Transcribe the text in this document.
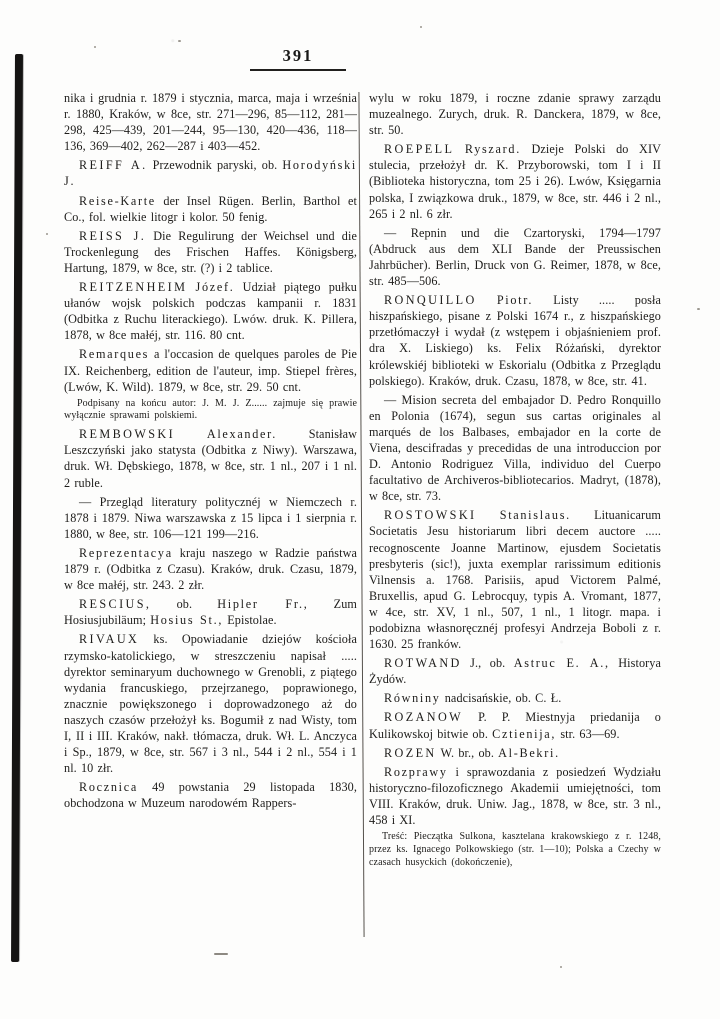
391

nika i grudnia r. 1879 i stycznia, marca, maja i września r. 1880, Kraków, w 8ce, str. 271—296, 85—112, 281—298, 425—439, 201—244, 95—130, 420—436, 118—136, 369—402, 262—287 i 403—452.

REIFF A. Przewodnik paryski, ob. Horodyński J.

Reise-Karte der Insel Rügen. Berlin, Barthol et Co., fol. wielkie litogr i kolor. 50 fenig.

REISS J. Die Regulirung der Weichsel und die Trockenlegung des Frischen Haffes. Königsberg, Hartung, 1879, w 8ce, str. (?) i 2 tablice.

REITZENHEIM Józef. Udział piątego pułku ułanów wojsk polskich podczas kampanii r. 1831 (Odbitka z Ruchu literackiego). Lwów. druk. K. Pillera, 1878, w 8ce małéj, str. 116. 80 cnt.

Remarques a l'occasion de quelques paroles de Pie IX. Reichenberg, edition de l'auteur, imp. Stiepel frères, (Lwów, K. Wild). 1879, w 8ce, str. 29. 50 cnt.

Podpisany na końcu autor: J. M. J. Z...... zajmuje się prawie wyłącznie sprawami polskiemi.

REMBOWSKI	Alexander. Stanisław Leszczyński jako statysta (Odbitka z Niwy). Warszawa, druk. Wł. Dębskiego, 1878, w 8ce, str. 1 nl., 207 i 1 nl. 2 ruble.

— Przegląd literatury politycznéj w Niemczech r. 1878 i 1879. Niwa warszawska z 15 lipca i 1 sierpnia r. 1880, w 8ee, str. 106—121 199—216.

Reprezentacya kraju naszego w Radzie państwa 1879 r. (Odbitka z Czasu). Kraków, druk. Czasu, 1879, w 8ce małéj, str. 243. 2 złr.

RESCIUS, ob. Hipler Fr., Zum Hosiusjubiläum; Hosius St., Epistolae.

RIVAUX ks. Opowiadanie dziejów kościoła rzymsko-katolickiego, w streszczeniu napisał ..... dyrektor seminaryum duchownego w Grenobli, z piątego wydania francuskiego, przejrzanego, poprawionego, znacznie powiększonego i doprowadzonego aż do naszych czasów przełożył ks. Bogumił z nad Wisty, tom I, II i III. Kraków, nakł. tłómacza, druk. Wł. L. Anczyca i Sp., 1879, w 8ce, str. 567 i 3 nl., 544 i 2 nl., 554 i 1 nl. 10 złr.

Rocznica 49 powstania 29 listopada 1830, obchodzona w Muzeum narodowém Rappers-

wylu w roku 1879, i roczne zdanie sprawy zarządu muzealnego. Zurych, druk. R. Danckera, 1879, w 8ce, str. 50.

ROEPELL Ryszard. Dzieje Polski do XIV stulecia, przełożył dr. K. Przyborowski, tom I i II (Biblioteka historyczna, tom 25 i 26). Lwów, Księgarnia polska, I związkowa druk., 1879, w 8ce, str. 446 i 2 nl., 265 i 2 nl. 6 złr.

— Repnin und die Czartoryski, 1794—1797 (Abdruck aus dem XLI Bande der Preussischen Jahrbücher). Berlin, Druck von G. Reimer, 1878, w 8ce, str. 485—506.

RONQUILLO Piotr. Listy ..... posła hiszpańskiego, pisane z Polski 1674 r., z hiszpańskiego przetłómaczył i wydał (z wstępem i objaśnieniem prof. dra X. Liskiego) ks. Felix Różański, dyrektor królewskiéj biblioteki w Eskorialu (Odbitka z Przeglądu polskiego). Kraków, druk. Czasu, 1878, w 8ce, str. 41.

— Mision secreta del embajador D. Pedro Ronquillo en Polonia (1674), segun sus cartas originales al marqués de los Balbases, embajador en la corte de Viena, descifradas y precedidas de una introduccion por D. Antonio Rodriguez Villa, individuo del Cuerpo facultativo de Archiveros-bibliotecarios. Madryt, (1878), w 8ce, str. 73.

ROSTOWSKI Stanislaus. Lituanicarum Societatis Jesu historiarum libri decem auctore ..... recognoscente Joanne Martinow, ejusdem Societatis presbyteris (sic!), juxta exemplar rarissimum editionis Vilnensis a. 1768. Parisiis, apud Victorem Palmé, Bruxellis, apud G. Lebrocquy, typis A. Vromant, 1877, w 4ce, str. XV, 1 nl., 507, 1 nl., 1 litogr. mapa. i podobizna własnoręcznéj profesyi Andrzeja Boboli z r. 1630. 25 franków.

ROTWAND J., ob. Astruc E. A., Historya Żydów.

Równiny nadcisańskie, ob. C. Ł.

ROZANOW P. P. Miestnyja priedanija o Kulikowskoj bitwie ob. Cztienija, str. 63—69.

ROZEN W. br., ob. Al-Bekri.

Rozprawy i sprawozdania z posiedzeń Wydziału historyczno-filozoficznego Akademii umiejętności, tom VIII. Kraków, druk. Uniw. Jag., 1878, w 8ce, str. 3 nl., 458 i XI.

Treść: Pieczątka Sulkona, kasztelana krakowskiego z r. 1248, przez ks. Ignacego Polkowskiego (str. 1—10); Polska a Czechy w czasach husyckich (dokończenie),
